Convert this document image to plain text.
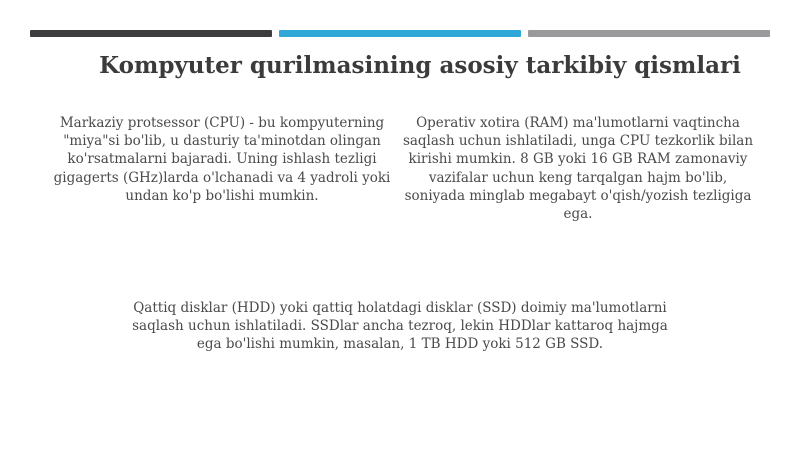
Kompyuter qurilmasining asosiy tarkibiy qismlari

Markaziy protsessor (CPU) - bu kompyuterning "miya"si bo'lib, u dasturiy ta'minotdan olingan ko'rsatmalarni bajaradi. Uning ishlash tezligi gigagerts (GHz)larda o'lchanadi va 4 yadroli yoki undan ko'p bo'lishi mumkin.

Operativ xotira (RAM) ma'lumotlarni vaqtincha saqlash uchun ishlatiladi, unga CPU tezkorlik bilan kirishi mumkin. 8 GB yoki 16 GB RAM zamonaviy vazifalar uchun keng tarqalgan hajm bo'lib, soniyada minglab megabayt o'qish/yozish tezligiga ega.

Qattiq disklar (HDD) yoki qattiq holatdagi disklar (SSD) doimiy ma'lumotlarni saqlash uchun ishlatiladi. SSDlar ancha tezroq, lekin HDDlar kattaroq hajmga ega bo'lishi mumkin, masalan, 1 TB HDD yoki 512 GB SSD.
